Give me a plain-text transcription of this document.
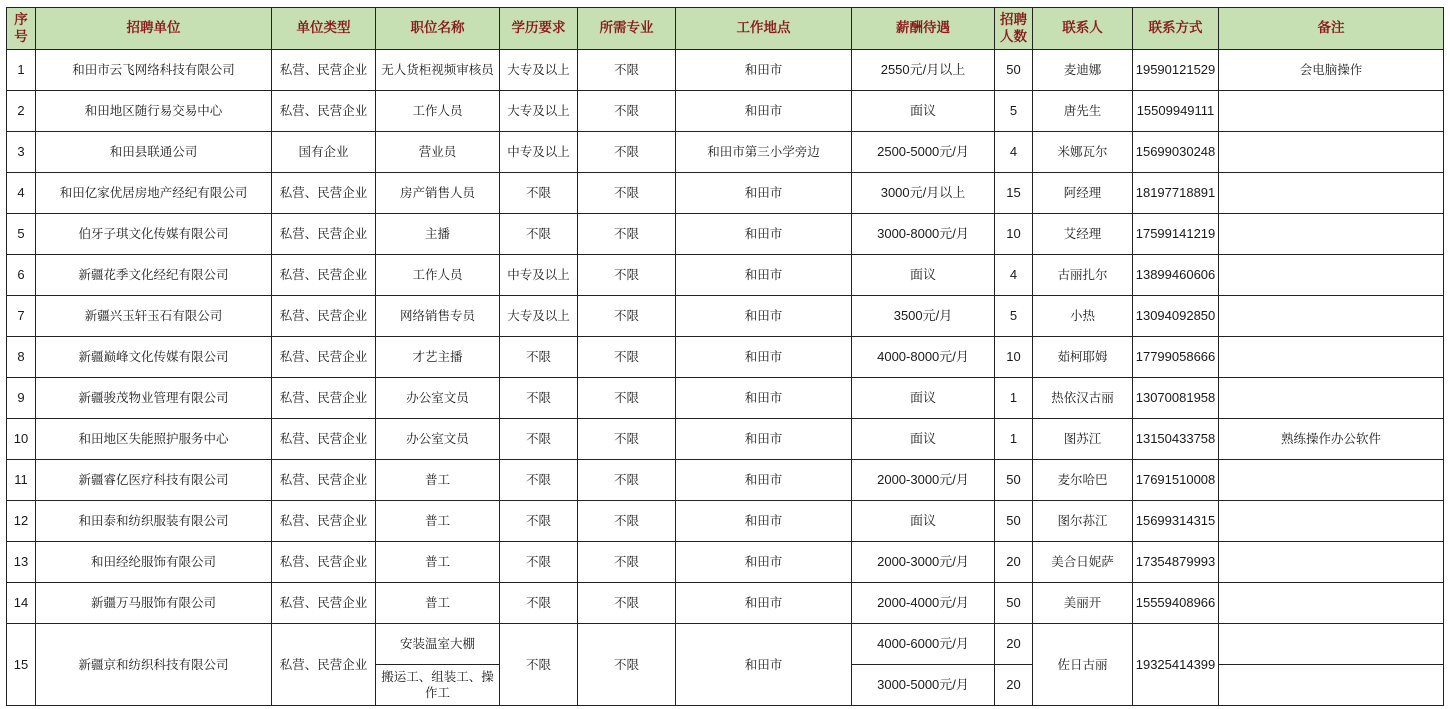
序号	招聘单位	单位类型	职位名称	学历要求	所需专业	工作地点	薪酬待遇	招聘人数	联系人	联系方式	备注
1	和田市云飞网络科技有限公司	私营、民营企业	无人货柜视频审核员	大专及以上	不限	和田市	2550元/月以上	50	麦迪娜	19590121529	会电脑操作
2	和田地区随行易交易中心	私营、民营企业	工作人员	大专及以上	不限	和田市	面议	5	唐先生	15509949111	
3	和田县联通公司	国有企业	营业员	中专及以上	不限	和田市第三小学旁边	2500-5000元/月	4	米娜瓦尔	15699030248	
4	和田亿家优居房地产经纪有限公司	私营、民营企业	房产销售人员	不限	不限	和田市	3000元/月以上	15	阿经理	18197718891	
5	伯牙子琪文化传媒有限公司	私营、民营企业	主播	不限	不限	和田市	3000-8000元/月	10	艾经理	17599141219	
6	新疆花季文化经纪有限公司	私营、民营企业	工作人员	中专及以上	不限	和田市	面议	4	古丽扎尔	13899460606	
7	新疆兴玉轩玉石有限公司	私营、民营企业	网络销售专员	大专及以上	不限	和田市	3500元/月	5	小热	13094092850	
8	新疆巅峰文化传媒有限公司	私营、民营企业	才艺主播	不限	不限	和田市	4000-8000元/月	10	茹柯耶姆	17799058666	
9	新疆骏茂物业管理有限公司	私营、民营企业	办公室文员	不限	不限	和田市	面议	1	热依汉古丽	13070081958	
10	和田地区失能照护服务中心	私营、民营企业	办公室文员	不限	不限	和田市	面议	1	图苏江	13150433758	熟练操作办公软件
11	新疆睿亿医疗科技有限公司	私营、民营企业	普工	不限	不限	和田市	2000-3000元/月	50	麦尔哈巴	17691510008	
12	和田泰和纺织服装有限公司	私营、民营企业	普工	不限	不限	和田市	面议	50	图尔荪江	15699314315	
13	和田经纶服饰有限公司	私营、民营企业	普工	不限	不限	和田市	2000-3000元/月	20	美合日妮萨	17354879993	
14	新疆万马服饰有限公司	私营、民营企业	普工	不限	不限	和田市	2000-4000元/月	50	美丽开	15559408966	
15	新疆京和纺织科技有限公司	私营、民营企业	安装温室大棚	不限	不限	和田市	4000-6000元/月	20	佐日古丽	19325414399	
			搬运工、组装工、操作工				3000-5000元/月	20			
